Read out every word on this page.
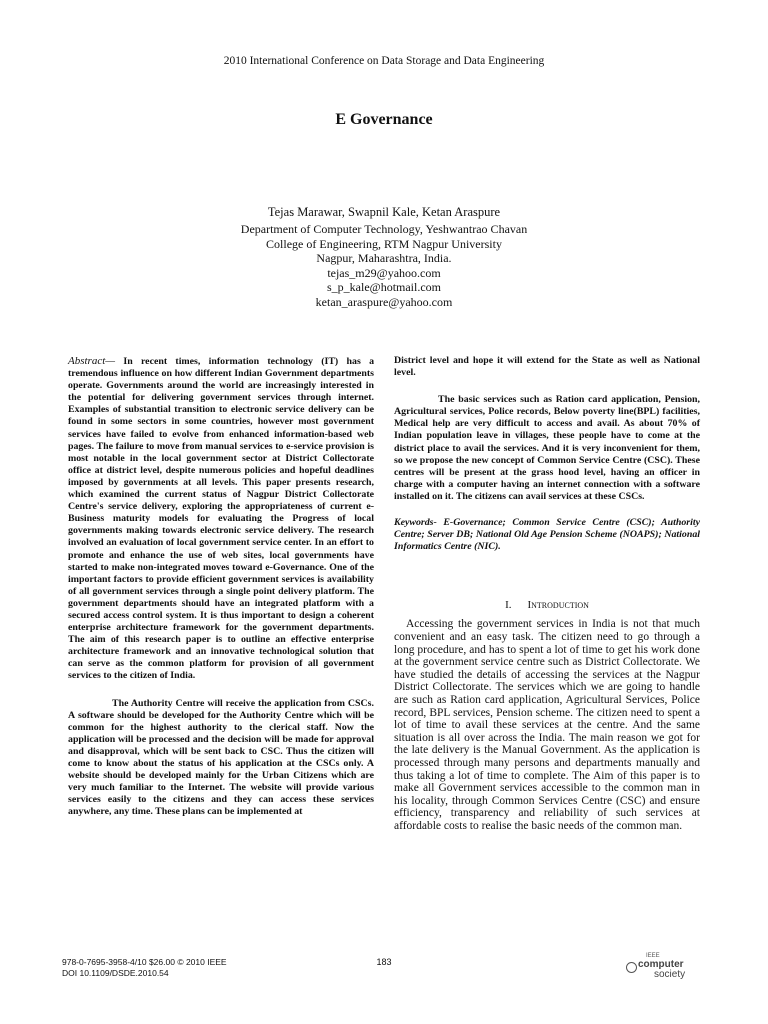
2010 International Conference on Data Storage and Data Engineering
E Governance
Tejas Marawar, Swapnil Kale, Ketan Araspure
Department of Computer Technology, Yeshwantrao Chavan
College of Engineering, RTM Nagpur University
Nagpur, Maharashtra, India.
tejas_m29@yahoo.com
s_p_kale@hotmail.com
ketan_araspure@yahoo.com

Abstract— In recent times, information technology (IT) has a tremendous influence on how different Indian Government departments operate. Governments around the world are increasingly interested in the potential for delivering government services through internet. Examples of substantial transition to electronic service delivery can be found in some sectors in some countries, however most government services have failed to evolve from enhanced information-based web pages. The failure to move from manual services to e-service provision is most notable in the local government sector at District Collectorate office at district level, despite numerous policies and hopeful deadlines imposed by governments at all levels. This paper presents research, which examined the current status of Nagpur District Collectorate Centre's service delivery, exploring the appropriateness of current e-Business maturity models for evaluating the Progress of local governments making towards electronic service delivery. The research involved an evaluation of local government service center. In an effort to promote and enhance the use of web sites, local governments have started to make non-integrated moves toward e-Governance. One of the important factors to provide efficient government services is availability of all government services through a single point delivery platform. The government departments should have an integrated platform with a secured access control system. It is thus important to design a coherent enterprise architecture framework for the government departments. The aim of this research paper is to outline an effective enterprise architecture framework and an innovative technological solution that can serve as the common platform for provision of all government services to the citizen of India.

The Authority Centre will receive the application from CSCs. A software should be developed for the Authority Centre which will be common for the highest authority to the clerical staff. Now the application will be processed and the decision will be made for approval and disapproval, which will be sent back to CSC. Thus the citizen will come to know about the status of his application at the CSCs only. A website should be developed mainly for the Urban Citizens which are very much familiar to the Internet. The website will provide various services easily to the citizens and they can access these services anywhere, any time. These plans can be implemented at

District level and hope it will extend for the State as well as National level.

The basic services such as Ration card application, Pension, Agricultural services, Police records, Below poverty line(BPL) facilities, Medical help are very difficult to access and avail. As about 70% of Indian population leave in villages, these people have to come at the district place to avail the services. And it is very inconvenient for them, so we propose the new concept of Common Service Centre (CSC). These centres will be present at the grass hood level, having an officer in charge with a computer having an internet connection with a software installed on it. The citizens can avail services at these CSCs.

Keywords- E-Governance; Common Service Centre (CSC); Authority Centre; Server DB; National Old Age Pension Scheme (NOAPS); National Informatics Centre (NIC).

I. Introduction

Accessing the government services in India is not that much convenient and an easy task. The citizen need to go through a long procedure, and has to spent a lot of time to get his work done at the government service centre such as District Collectorate. We have studied the details of accessing the services at the Nagpur District Collectorate. The services which we are going to handle are such as Ration card application, Agricultural Services, Police record, BPL services, Pension scheme. The citizen need to spent a lot of time to avail these services at the centre. And the same situation is all over across the India. The main reason we got for the late delivery is the Manual Government. As the application is processed through many persons and departments manually and thus taking a lot of time to complete. The Aim of this paper is to make all Government services accessible to the common man in his locality, through Common Services Centre (CSC) and ensure efficiency, transparency and reliability of such services at affordable costs to realise the basic needs of the common man.

978-0-7695-3958-4/10 $26.00 © 2010 IEEE
DOI 10.1109/DSDE.2010.54
183
IEEE
computer
society
